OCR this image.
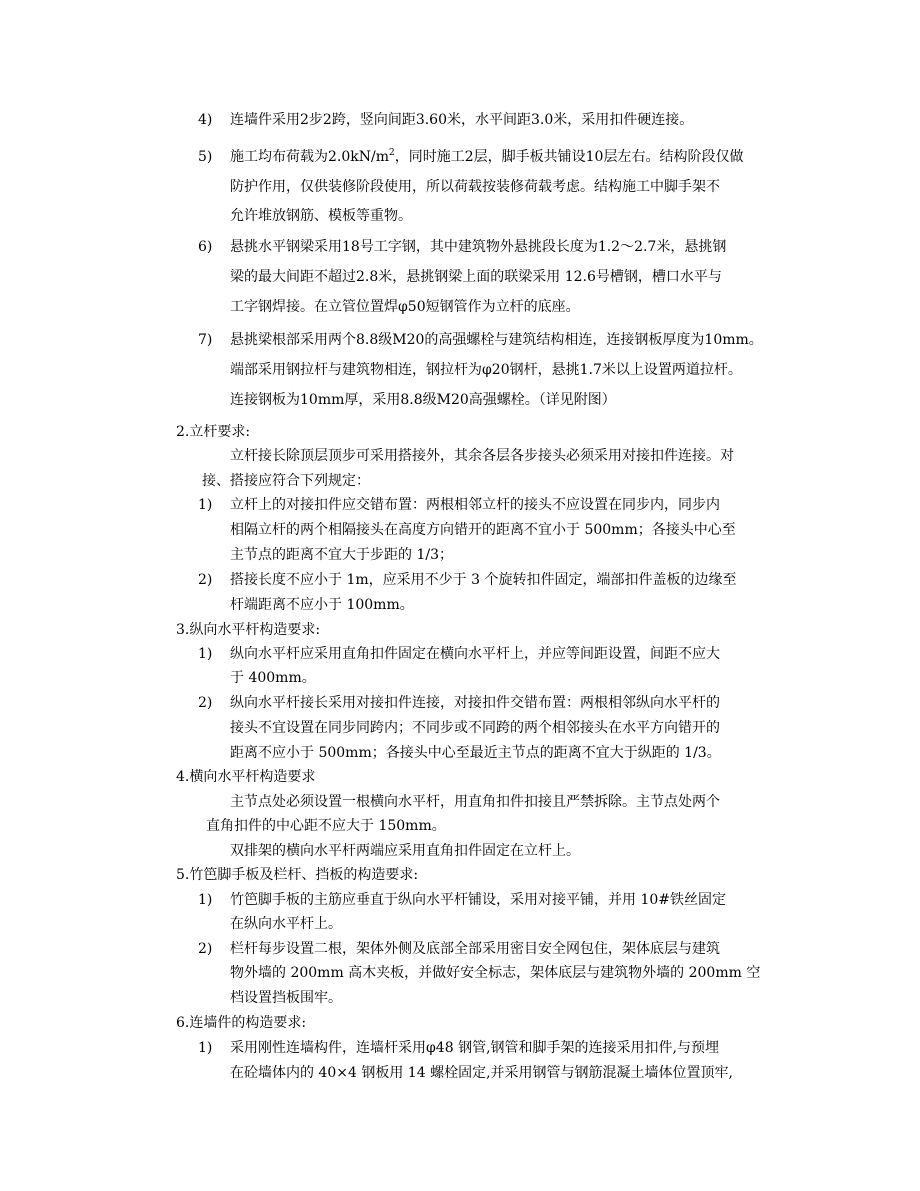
4) 连墙件采用2步2跨，竖向间距3.60米，水平间距3.0米，采用扣件硬连接。
5) 施工均布荷载为$2.0kN/m^2$，同时施工2层，脚手板共铺设10层左右。结构阶段仅做
防护作用，仅供装修阶段使用，所以荷载按装修荷载考虑。结构施工中脚手架不
允许堆放钢筋、模板等重物。
6) 悬挑水平钢梁采用18号工字钢，其中建筑物外悬挑段长度为1.2～2.7米，悬挑钢
梁的最大间距不超过2.8米，悬挑钢梁上面的联梁采用 12.6号槽钢，槽口水平与
工字钢焊接。在立管位置焊φ50短钢管作为立杆的底座。
7) 悬挑梁根部采用两个8.8级M20的高强螺栓与建筑结构相连，连接钢板厚度为10mm。
端部采用钢拉杆与建筑物相连，钢拉杆为φ20钢杆，悬挑1.7米以上设置两道拉杆。
连接钢板为10mm厚，采用8.8级M20高强螺栓。（详见附图）
2.立杆要求:
立杆接长除顶层顶步可采用搭接外，其余各层各步接头必须采用对接扣件连接。对
接、搭接应符合下列规定：
1) 立杆上的对接扣件应交错布置：两根相邻立杆的接头不应设置在同步内，同步内
相隔立杆的两个相隔接头在高度方向错开的距离不宜小于 500mm；各接头中心至
主节点的距离不宜大于步距的 1/3；
2) 搭接长度不应小于 1m，应采用不少于 3 个旋转扣件固定，端部扣件盖板的边缘至
杆端距离不应小于 100mm。
3.纵向水平杆构造要求:
1) 纵向水平杆应采用直角扣件固定在横向水平杆上，并应等间距设置，间距不应大
于 400mm。
2) 纵向水平杆接长采用对接扣件连接，对接扣件交错布置：两根相邻纵向水平杆的
接头不宜设置在同步同跨内；不同步或不同跨的两个相邻接头在水平方向错开的
距离不应小于 500mm；各接头中心至最近主节点的距离不宜大于纵距的 1/3。
4.横向水平杆构造要求
主节点处必须设置一根横向水平杆，用直角扣件扣接且严禁拆除。主节点处两个
直角扣件的中心距不应大于 150mm。
双排架的横向水平杆两端应采用直角扣件固定在立杆上。
5.竹笆脚手板及栏杆、挡板的构造要求:
1) 竹笆脚手板的主筋应垂直于纵向水平杆铺设，采用对接平铺，并用 10#铁丝固定
在纵向水平杆上。
2) 栏杆每步设置二根，架体外侧及底部全部采用密目安全网包住，架体底层与建筑
物外墙的 200mm 高木夹板，并做好安全标志，架体底层与建筑物外墙的 200mm 空
档设置挡板围牢。
6.连墙件的构造要求:
1) 采用刚性连墙构件，连墙杆采用φ48 钢管,钢管和脚手架的连接采用扣件,与预埋
在砼墙体内的 40×4 钢板用 14 螺栓固定,并采用钢管与钢筋混凝土墙体位置顶牢,
